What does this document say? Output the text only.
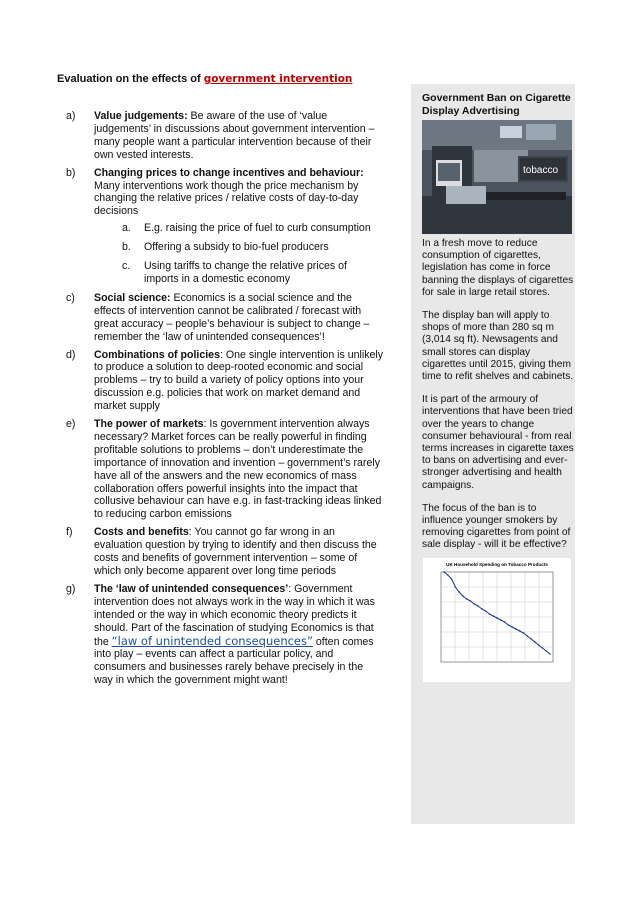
Evaluation on the effects of government intervention
a) Value judgements: Be aware of the use of ‘value judgements’ in discussions about government intervention – many people want a particular intervention because of their own vested interests.
b) Changing prices to change incentives and behaviour: Many interventions work though the price mechanism by changing the relative prices / relative costs of day-to-day decisions
a. E.g. raising the price of fuel to curb consumption
b. Offering a subsidy to bio-fuel producers
c. Using tariffs to change the relative prices of imports in a domestic economy
c) Social science: Economics is a social science and the effects of intervention cannot be calibrated / forecast with great accuracy – people’s behaviour is subject to change – remember the ‘law of unintended consequences’!
d) Combinations of policies: One single intervention is unlikely to produce a solution to deep-rooted economic and social problems – try to build a variety of policy options into your discussion e.g. policies that work on market demand and market supply
e) The power of markets: Is government intervention always necessary? Market forces can be really powerful in finding profitable solutions to problems – don’t underestimate the importance of innovation and invention – government’s rarely have all of the answers and the new economics of mass collaboration offers powerful insights into the impact that collusive behaviour can have e.g. in fast-tracking ideas linked to reducing carbon emissions
f) Costs and benefits: You cannot go far wrong in an evaluation question by trying to identify and then discuss the costs and benefits of government intervention – some of which only become apparent over long time periods
g) The ‘law of unintended consequences’: Government intervention does not always work in the way in which it was intended or the way in which economic theory predicts it should. Part of the fascination of studying Economics is that the “law of unintended consequences” often comes into play – events can affect a particular policy, and consumers and businesses rarely behave precisely in the way in which the government might want!
Government Ban on Cigarette Display Advertising
tobacco

In a fresh move to reduce consumption of cigarettes, legislation has come in force banning the displays of cigarettes for sale in large retail stores.

The display ban will apply to shops of more than 280 sq m (3,014 sq ft). Newsagents and small stores can display cigarettes until 2015, giving them time to refit shelves and cabinets.

It is part of the armoury of interventions that have been tried over the years to change consumer behavioural - from real terms increases in cigarette taxes to bans on advertising and ever-stronger advertising and health campaigns.

The focus of the ban is to influence younger smokers by removing cigarettes from point of sale display - will it be effective?

UK Household Spending on Tobacco Products
